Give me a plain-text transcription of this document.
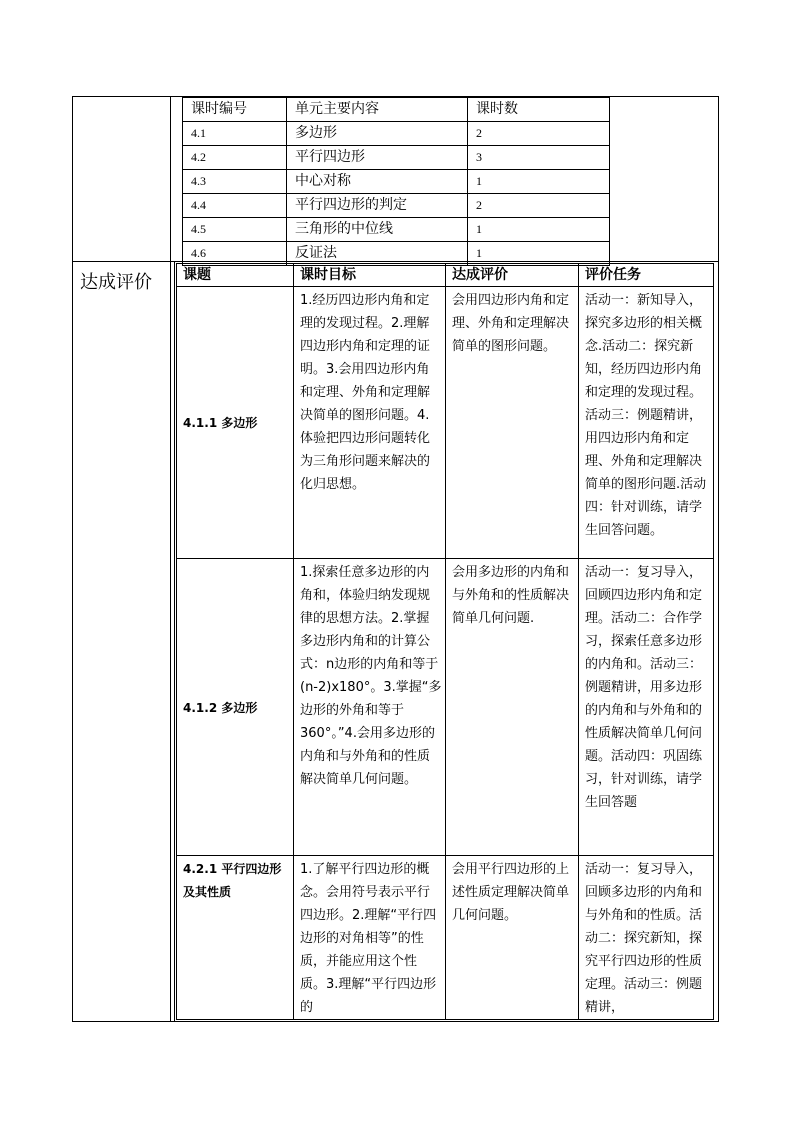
达成评价
课时编号	单元主要内容	课时数
4.1	多边形	2
4.2	平行四边形	3
4.3	中心对称	1
4.4	平行四边形的判定	2
4.5	三角形的中位线	1
4.6	反证法	1
课题	课时目标	达成评价	评价任务
4.1.1 多边形	1.经历四边形内角和定理的发现过程。2.理解四边形内角和定理的证明。3.会用四边形内角和定理、外角和定理解决简单的图形问题。4.体验把四边形问题转化为三角形问题来解决的化归思想。	会用四边形内角和定理、外角和定理解决简单的图形问题。	活动一：新知导入，探究多边形的相关概念.活动二：探究新知，经历四边形内角和定理的发现过程。活动三：例题精讲，用四边形内角和定理、外角和定理解决简单的图形问题.活动四：针对训练，请学生回答问题。
4.1.2 多边形	1.探索任意多边形的内角和，体验归纳发现规律的思想方法。2.掌握多边形内角和的计算公式：n边形的内角和等于(n-2)x180°。3.掌握“多边形的外角和等于 360°。”4.会用多边形的内角和与外角和的性质解决简单几何问题。	会用多边形的内角和与外角和的性质解决简单几何问题.	活动一：复习导入，回顾四边形内角和定理。活动二：合作学习，探索任意多边形的内角和。活动三：例题精讲，用多边形的内角和与外角和的性质解决简单几何问题。活动四：巩固练习，针对训练，请学生回答题
4.2.1 平行四边形及其性质	1.了解平行四边形的概念。会用符号表示平行四边形。2.理解“平行四边形的对角相等”的性质，并能应用这个性质。3.理解“平行四边形的	会用平行四边形的上述性质定理解决简单几何问题。	活动一：复习导入，回顾多边形的内角和与外角和的性质。活动二：探究新知，探究平行四边形的性质定理。活动三：例题精讲，
